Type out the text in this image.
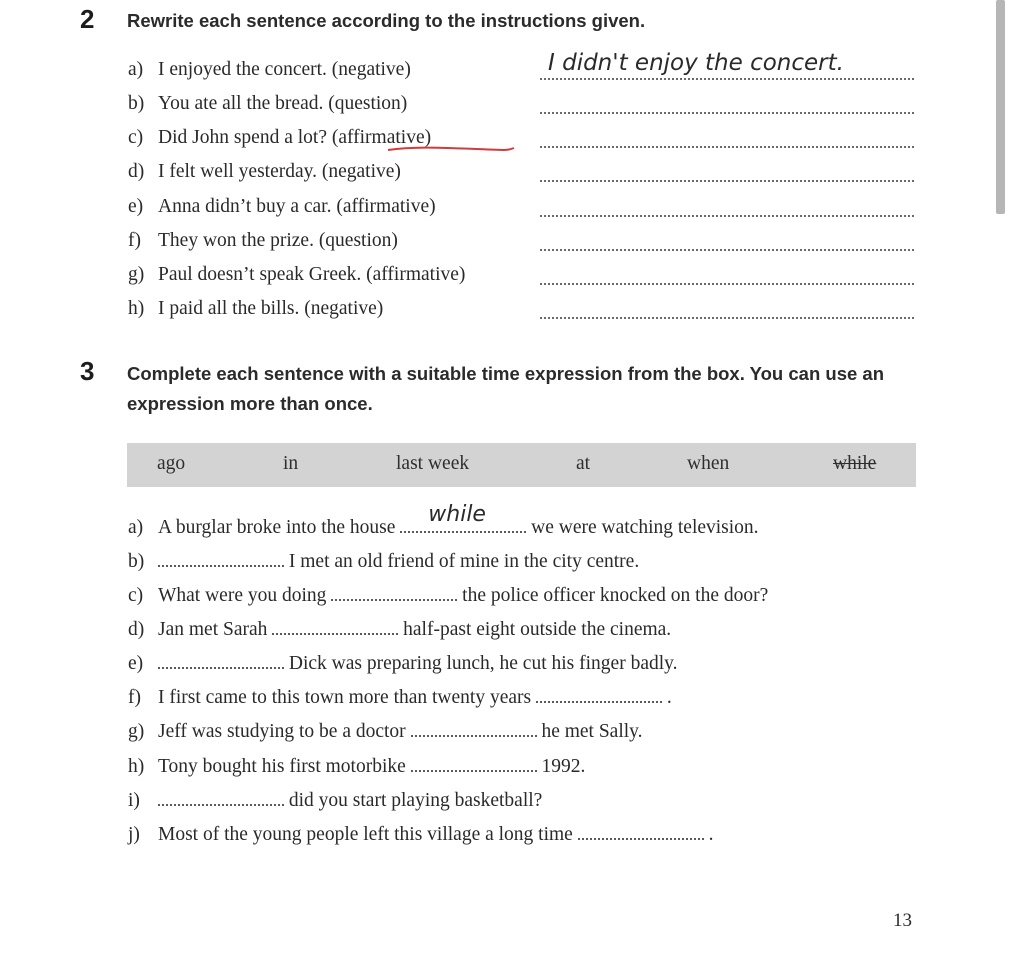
2 Rewrite each sentence according to the instructions given.
a) I enjoyed the concert. (negative)
b) You ate all the bread. (question)
c) Did John spend a lot? (affirmative)
d) I felt well yesterday. (negative)
e) Anna didn’t buy a car. (affirmative)
f) They won the prize. (question)
g) Paul doesn’t speak Greek. (affirmative)
h) I paid all the bills. (negative)
3 Complete each sentence with a suitable time expression from the box. You can use an expression more than once.
ago	in	last week	at	when	while
a) A burglar broke into the house
while
we were watching television.
b)	I met an old friend of mine in the city centre.
c) What were you doing	the police officer knocked on the door?
d) Jan met Sarah	half-past eight outside the cinema.
e)	Dick was preparing lunch, he cut his finger badly.
f) I first came to this town more than twenty years	.
g) Jeff was studying to be a doctor	he met Sally.
h) Tony bought his first motorbike	1992.
i)	did you start playing basketball?
j) Most of the young people left this village a long time	.
13
I didn't enjoy the concert.
